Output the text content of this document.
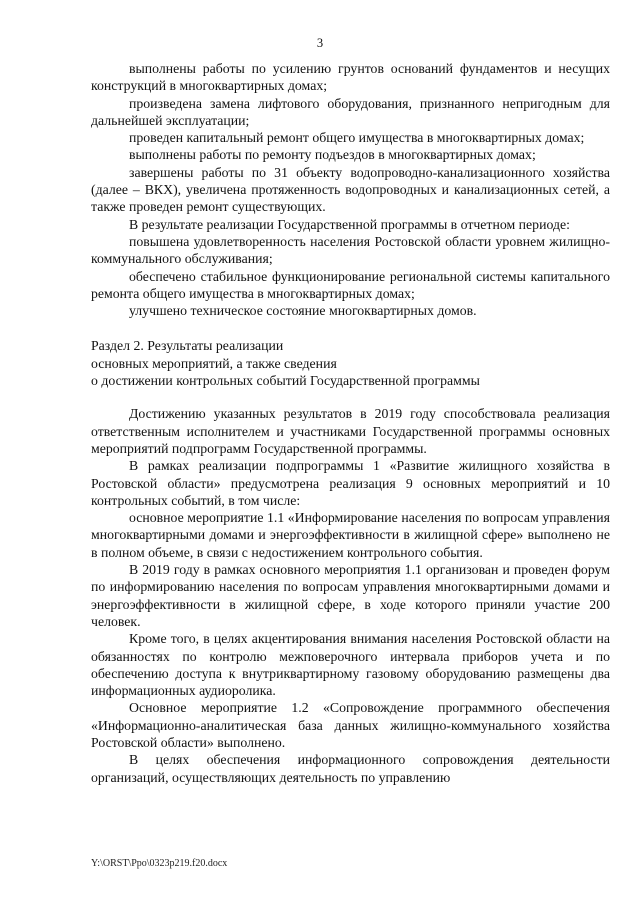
3

выполнены работы по усилению грунтов оснований фундаментов и несущих конструкций в многоквартирных домах;

произведена замена лифтового оборудования, признанного непригодным для дальнейшей эксплуатации;

проведен капитальный ремонт общего имущества в многоквартирных домах;

выполнены работы по ремонту подъездов в многоквартирных домах;

завершены работы по 31 объекту водопроводно-канализационного хозяйства (далее – ВКХ), увеличена протяженность водопроводных и канализационных сетей, а также проведен ремонт существующих.

В результате реализации Государственной программы в отчетном периоде:

повышена удовлетворенность населения Ростовской области уровнем жилищно-коммунального обслуживания;

обеспечено стабильное функционирование региональной системы капитального ремонта общего имущества в многоквартирных домах;

улучшено техническое состояние многоквартирных домов.

Раздел 2. Результаты реализации
основных мероприятий, а также сведения
о достижении контрольных событий Государственной программы

Достижению указанных результатов в 2019 году способствовала реализация ответственным исполнителем и участниками Государственной программы основных мероприятий подпрограмм Государственной программы.

В рамках реализации подпрограммы 1 «Развитие жилищного хозяйства в Ростовской области» предусмотрена реализация 9 основных мероприятий и 10 контрольных событий, в том числе:

основное мероприятие 1.1 «Информирование населения по вопросам управления многоквартирными домами и энергоэффективности в жилищной сфере» выполнено не в полном объеме, в связи с недостижением контрольного события.

В 2019 году в рамках основного мероприятия 1.1 организован и проведен форум по информированию населения по вопросам управления многоквартирными домами и энергоэффективности в жилищной сфере, в ходе которого приняли участие 200 человек.

Кроме того, в целях акцентирования внимания населения Ростовской области на обязанностях по контролю межповерочного интервала приборов учета и по обеспечению доступа к внутриквартирному газовому оборудованию размещены два информационных аудиоролика.

Основное мероприятие 1.2 «Сопровождение программного обеспечения «Информационно-аналитическая база данных жилищно-коммунального хозяйства Ростовской области» выполнено.

В целях обеспечения информационного сопровождения деятельности организаций, осуществляющих деятельность по управлению

Y:\ORST\Ppo\0323p219.f20.docx
